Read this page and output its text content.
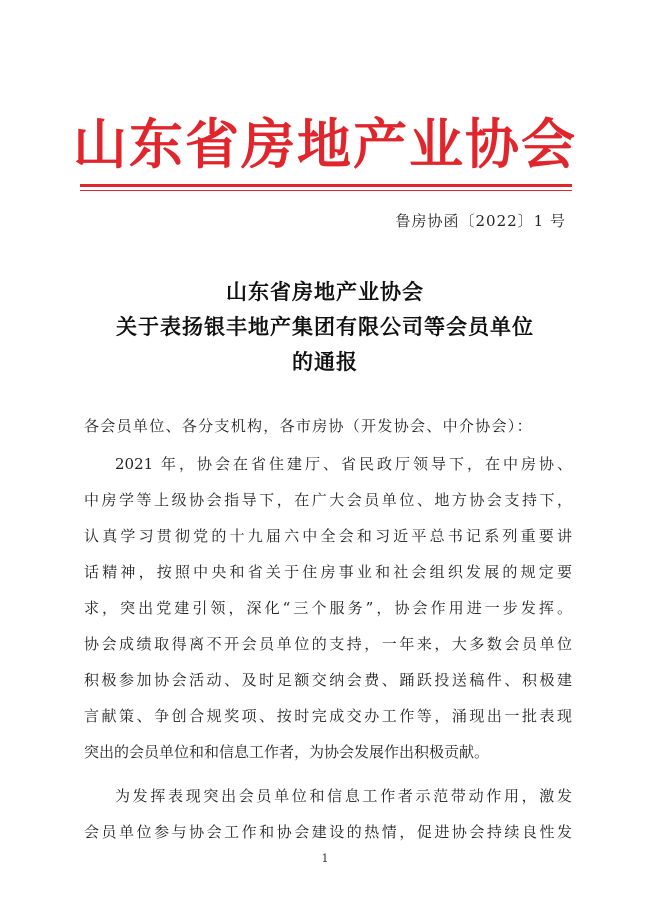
山东省房地产业协会
鲁房协函〔2022〕1 号
山东省房地产业协会
关于表扬银丰地产集团有限公司等会员单位
的通报
各会员单位、各分支机构，各市房协（开发协会、中介协会）：
2021 年，协会在省住建厅、省民政厅领导下，在中房协、
中房学等上级协会指导下，在广大会员单位、地方协会支持下，
认真学习贯彻党的十九届六中全会和习近平总书记系列重要讲
话精神，按照中央和省关于住房事业和社会组织发展的规定要
求，突出党建引领，深化“三个服务”，协会作用进一步发挥。
协会成绩取得离不开会员单位的支持，一年来，大多数会员单位
积极参加协会活动、及时足额交纳会费、踊跃投送稿件、积极建
言献策、争创合规奖项、按时完成交办工作等，涌现出一批表现
突出的会员单位和和信息工作者，为协会发展作出积极贡献。
为发挥表现突出会员单位和信息工作者示范带动作用，激发
会员单位参与协会工作和协会建设的热情，促进协会持续良性发
1
